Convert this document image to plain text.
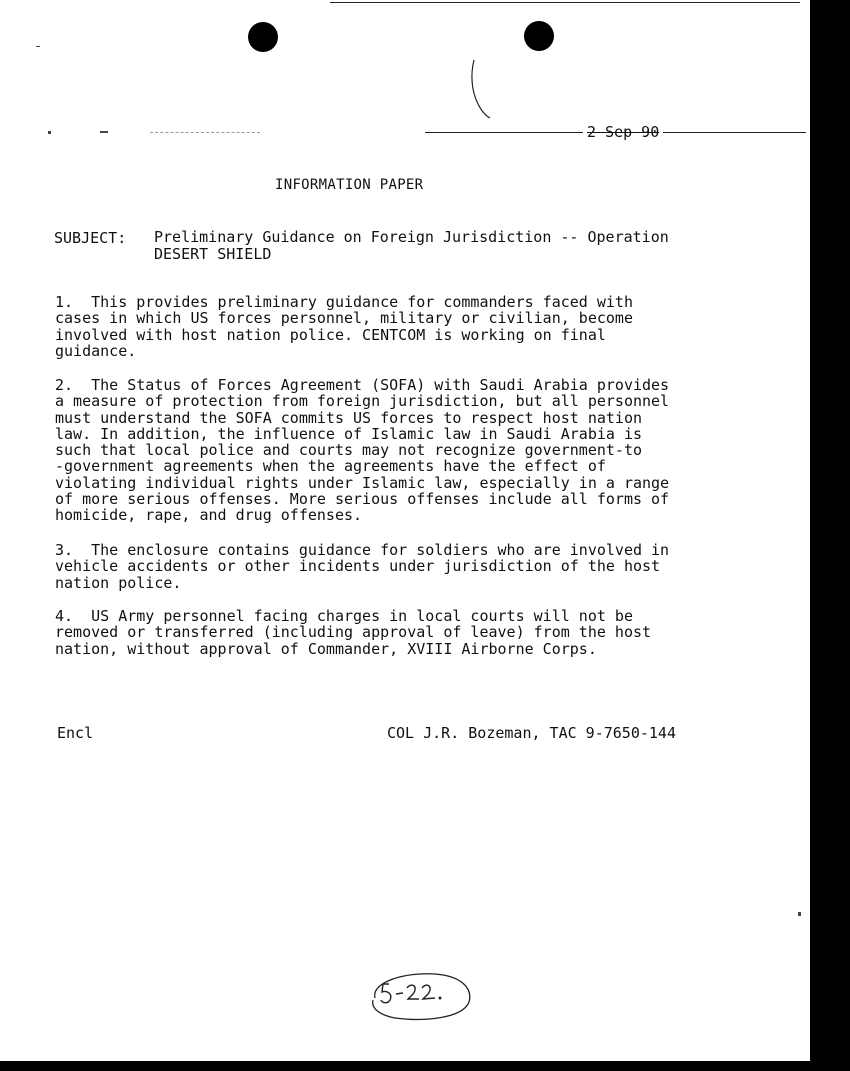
2 Sep 90
INFORMATION PAPER
SUBJECT: Preliminary Guidance on Foreign Jurisdiction -- Operation
DESERT SHIELD
1.  This provides preliminary guidance for commanders faced with
cases in which US forces personnel, military or civilian, become
involved with host nation police. CENTCOM is working on final
guidance.
2.  The Status of Forces Agreement (SOFA) with Saudi Arabia provides
a measure of protection from foreign jurisdiction, but all personnel
must understand the SOFA commits US forces to respect host nation
law. In addition, the influence of Islamic law in Saudi Arabia is
such that local police and courts may not recognize government-to
-government agreements when the agreements have the effect of
violating individual rights under Islamic law, especially in a range
of more serious offenses. More serious offenses include all forms of
homicide, rape, and drug offenses.
3.  The enclosure contains guidance for soldiers who are involved in
vehicle accidents or other incidents under jurisdiction of the host
nation police.
4.  US Army personnel facing charges in local courts will not be
removed or transferred (including approval of leave) from the host
nation, without approval of Commander, XVIII Airborne Corps.
Encl	COL J.R. Bozeman, TAC 9-7650-144
